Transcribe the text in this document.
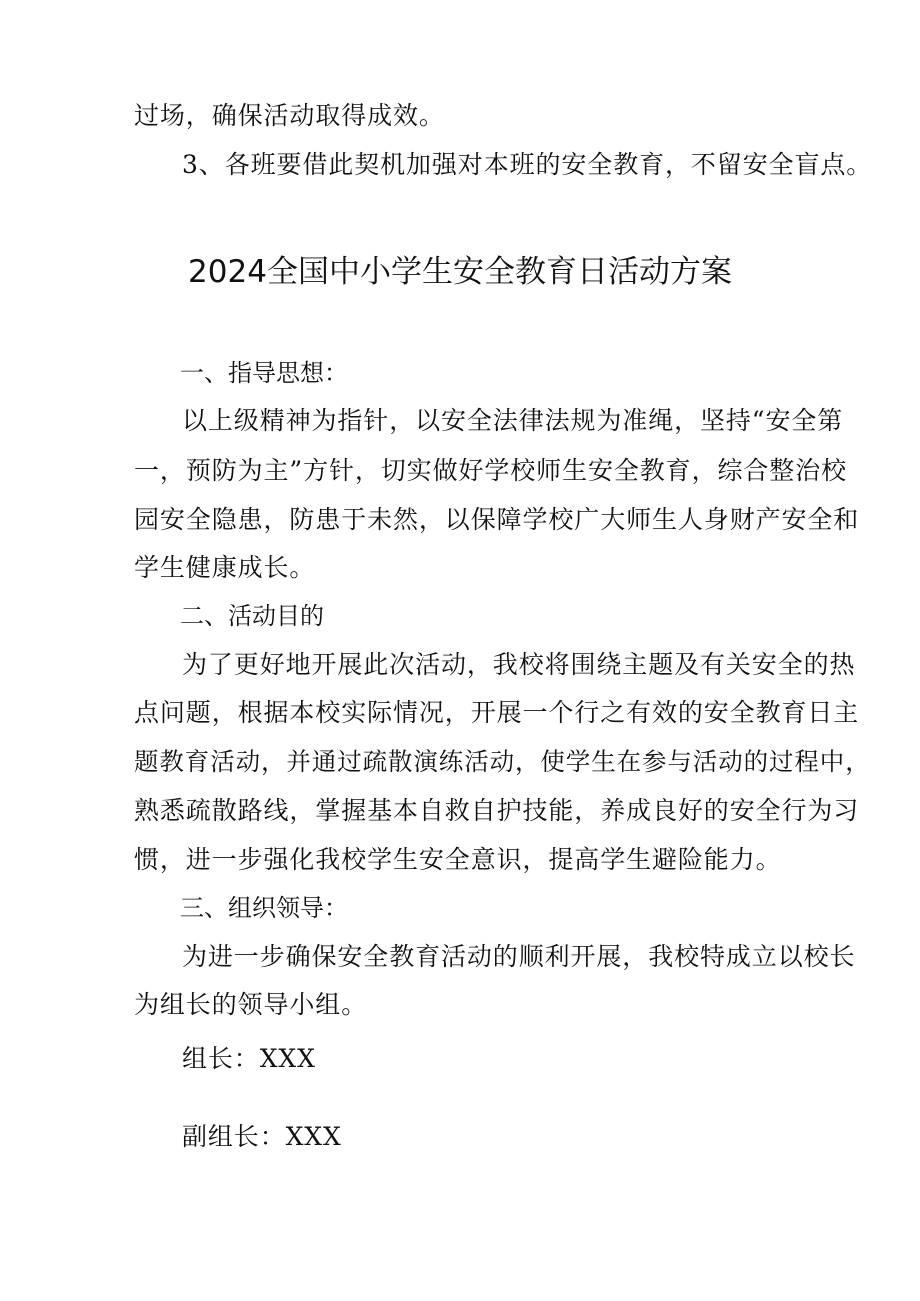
过场，确保活动取得成效。
3、各班要借此契机加强对本班的安全教育，不留安全盲点。
2024全国中小学生安全教育日活动方案
一、指导思想：
以上级精神为指针，以安全法律法规为准绳，坚持“安全第
一，预防为主”方针，切实做好学校师生安全教育，综合整治校
园安全隐患，防患于未然，以保障学校广大师生人身财产安全和
学生健康成长。
二、活动目的
为了更好地开展此次活动，我校将围绕主题及有关安全的热
点问题，根据本校实际情况，开展一个行之有效的安全教育日主
题教育活动，并通过疏散演练活动，使学生在参与活动的过程中，
熟悉疏散路线，掌握基本自救自护技能，养成良好的安全行为习
惯，进一步强化我校学生安全意识，提高学生避险能力。
三、组织领导：
为进一步确保安全教育活动的顺利开展，我校特成立以校长
为组长的领导小组。
组长：XXX
副组长：XXX
